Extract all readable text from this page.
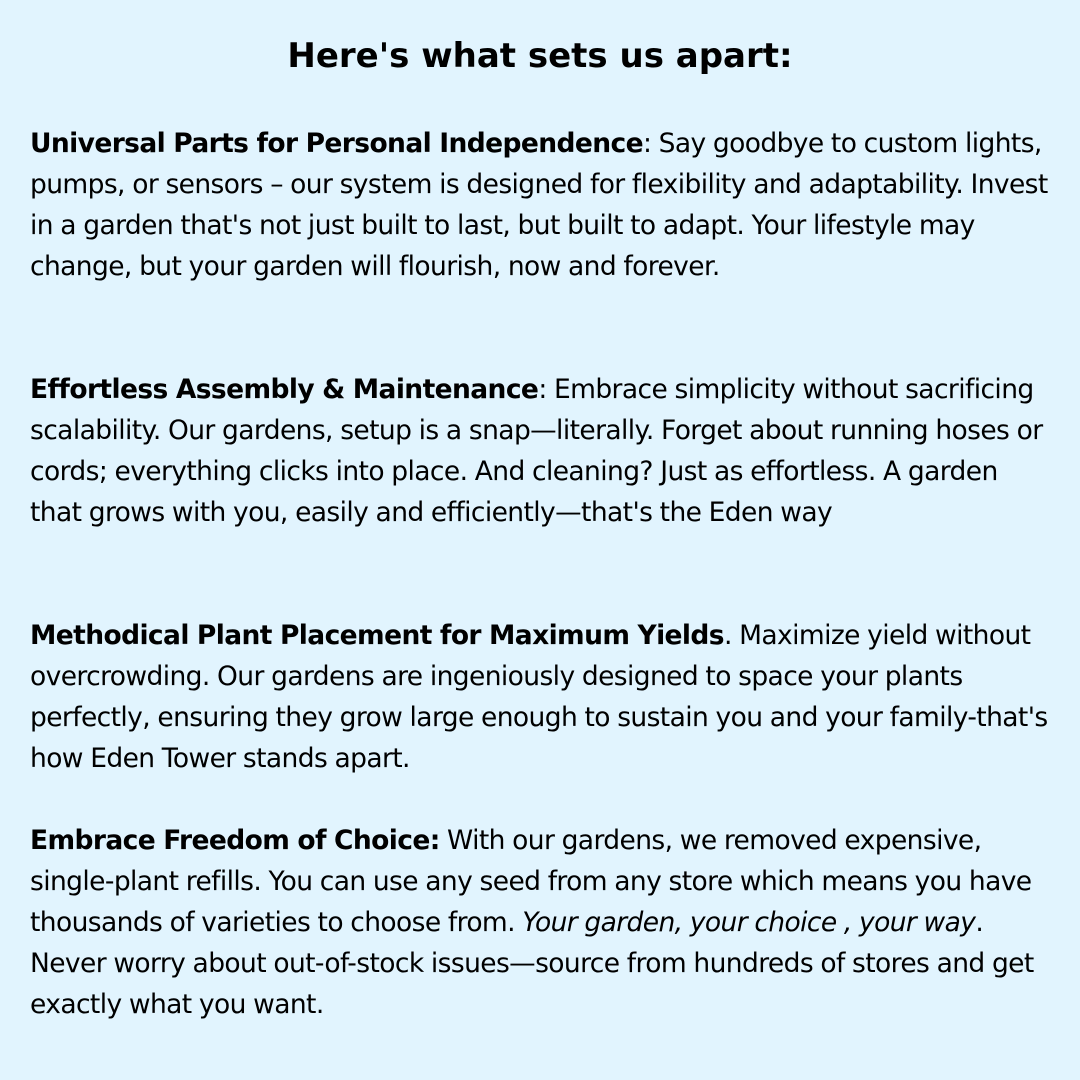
Here's what sets us apart:

Universal Parts for Personal Independence: Say goodbye to custom lights, pumps, or sensors – our system is designed for flexibility and adaptability. Invest in a garden that's not just built to last, but built to adapt. Your lifestyle may change, but your garden will flourish, now and forever.

Effortless Assembly & Maintenance: Embrace simplicity without sacrificing scalability. Our gardens, setup is a snap—literally. Forget about running hoses or cords; everything clicks into place. And cleaning? Just as effortless. A garden that grows with you, easily and efficiently—that's the Eden way

Methodical Plant Placement for Maximum Yields. Maximize yield without overcrowding. Our gardens are ingeniously designed to space your plants perfectly, ensuring they grow large enough to sustain you and your family-that's how Eden Tower stands apart.

Embrace Freedom of Choice: With our gardens, we removed expensive, single-plant refills. You can use any seed from any store which means you have thousands of varieties to choose from. Your garden, your choice , your way. Never worry about out-of-stock issues—source from hundreds of stores and get exactly what you want.
